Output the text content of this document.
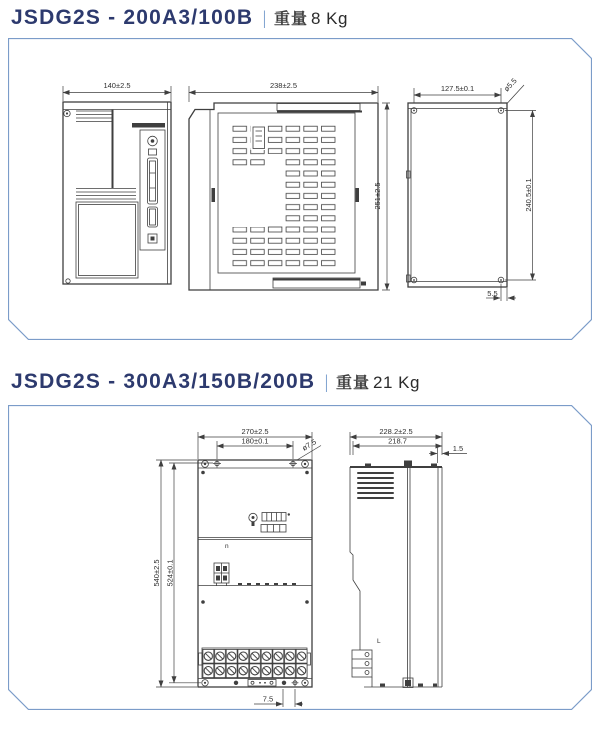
JSDG2S - 200A3/100B | 重量 8 Kg
140±2.5	238±2.5
251±2.5
127.5±0.1	ø5.5
240.5±0.1
5.5
JSDG2S - 300A3/150B/200B | 重量 21 Kg
270±2.5
180±0.1	ø7.5
n
7.5
540±2.5 524±0.1
228.2±2.5
218.7
1.5
L
